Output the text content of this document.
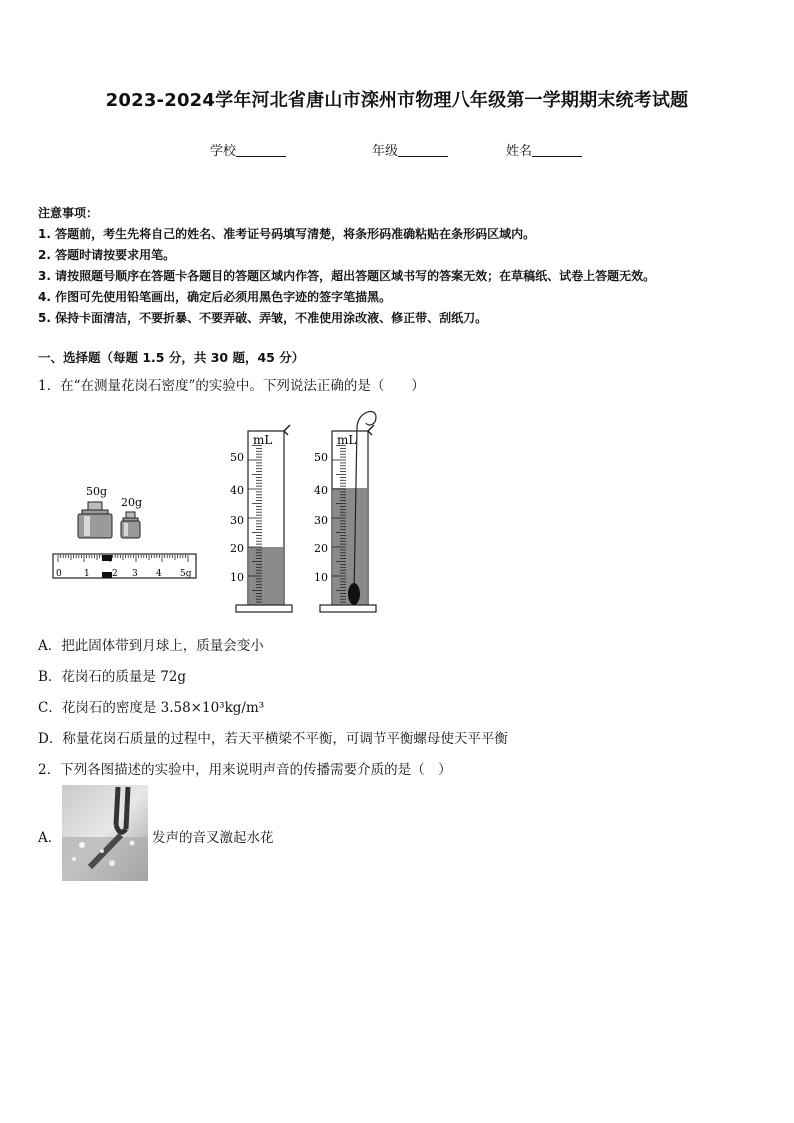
2023-2024学年河北省唐山市滦州市物理八年级第一学期期末统考试题
学校	年级	姓名
注意事项：
1. 答题前，考生先将自己的姓名、准考证号码填写清楚，将条形码准确粘贴在条形码区域内。
2. 答题时请按要求用笔。
3. 请按照题号顺序在答题卡各题目的答题区域内作答，超出答题区域书写的答案无效；在草稿纸、试卷上答题无效。
4. 作图可先使用铅笔画出，确定后必须用黑色字迹的签字笔描黑。
5. 保持卡面清洁，不要折暴、不要弄破、弄皱，不准使用涂改液、修正带、刮纸刀。
一、选择题（每题 1.5 分，共 30 题，45 分）
1．在“在测量花岗石密度”的实验中。下列说法正确的是（　　）
50g
20g
0 1 2 3 4 5g
mL
50
40
30
20
10
mL
50
40
30
20
10
A．把此固体带到月球上，质量会变小
B．花岗石的质量是 72g
C．花岗石的密度是 3.58×10³kg/m³
D．称量花岗石质量的过程中，若天平横梁不平衡，可调节平衡螺母使天平平衡
2．下列各图描述的实验中，用来说明声音的传播需要介质的是（　）
A．	发声的音叉激起水花
